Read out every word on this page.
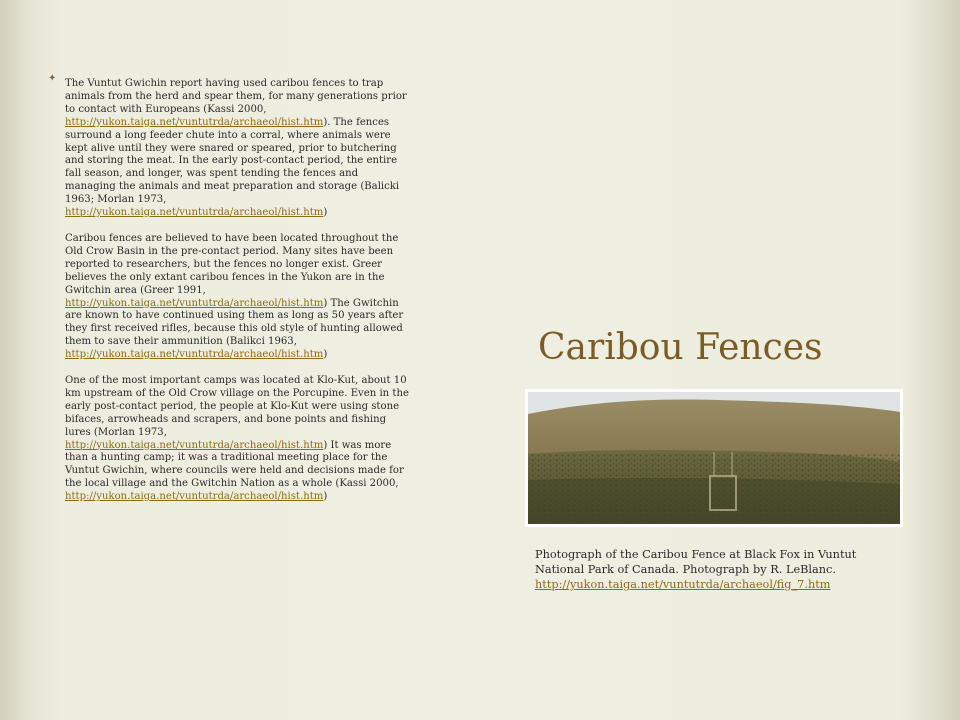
✦ The Vuntut Gwichin report having used caribou fences to trap animals from the herd and spear them, for many generations prior to contact with Europeans (Kassi 2000, http://yukon.taiga.net/vuntutrda/archaeol/hist.htm). The fences surround a long feeder chute into a corral, where animals were kept alive until they were snared or speared, prior to butchering and storing the meat. In the early post-contact period, the entire fall season, and longer, was spent tending the fences and managing the animals and meat preparation and storage (Balicki 1963; Morlan 1973, http://yukon.taiga.net/vuntutrda/archaeol/hist.htm)

Caribou fences are believed to have been located throughout the Old Crow Basin in the pre-contact period. Many sites have been reported to researchers, but the fences no longer exist. Greer believes the only extant caribou fences in the Yukon are in the Gwitchin area (Greer 1991, http://yukon.taiga.net/vuntutrda/archaeol/hist.htm) The Gwitchin are known to have continued using them as long as 50 years after they first received rifles, because this old style of hunting allowed them to save their ammunition (Balikci 1963, http://yukon.taiga.net/vuntutrda/archaeol/hist.htm)

One of the most important camps was located at Klo-Kut, about 10 km upstream of the Old Crow village on the Porcupine. Even in the early post-contact period, the people at Klo-Kut were using stone bifaces, arrowheads and scrapers, and bone points and fishing lures (Morlan 1973, http://yukon.taiga.net/vuntutrda/archaeol/hist.htm) It was more than a hunting camp; it was a traditional meeting place for the Vuntut Gwichin, where councils were held and decisions made for the local village and the Gwitchin Nation as a whole (Kassi 2000, http://yukon.taiga.net/vuntutrda/archaeol/hist.htm)

Caribou Fences
Photograph of the Caribou Fence at Black Fox in Vuntut National Park of Canada. Photograph by R. LeBlanc. http://yukon.taiga.net/vuntutrda/archaeol/fig_7.htm
